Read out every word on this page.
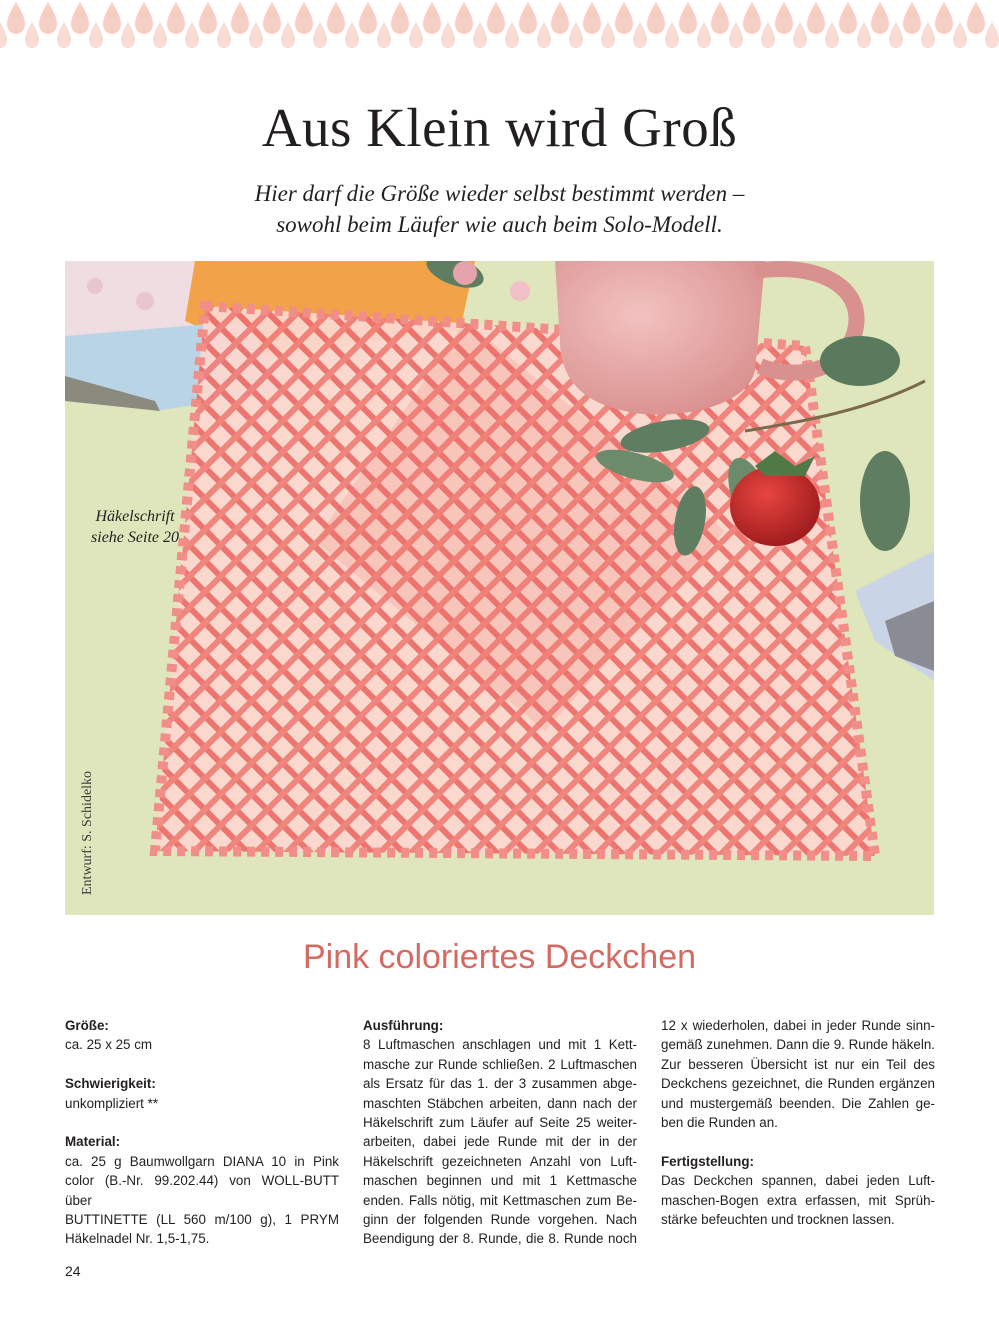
Aus Klein wird Groß
Hier darf die Größe wieder selbst bestimmt werden –
sowohl beim Läufer wie auch beim Solo-Modell.
Häkelschrift
siehe Seite 20
Entwurf: S. Schidelko
Pink coloriertes Deckchen
Größe:

ca. 25 x 25 cm

Schwierigkeit:

unkompliziert **

Material:
ca. 25 g Baumwollgarn DIANA 10 in Pink
color (B.-Nr. 99.202.44) von WOLL-BUTT über
BUTTINETTE (LL 560 m/100 g), 1 PRYM
Häkelnadel Nr. 1,5-1,75.
Ausführung:
8 Luftmaschen anschlagen und mit 1 Kett-
masche zur Runde schließen. 2 Luftmaschen
als Ersatz für das 1. der 3 zusammen abge-
maschten Stäbchen arbeiten, dann nach der
Häkelschrift zum Läufer auf Seite 25 weiter-
arbeiten, dabei jede Runde mit der in der
Häkelschrift gezeichneten Anzahl von Luft-
maschen beginnen und mit 1 Kettmasche
enden. Falls nötig, mit Kettmaschen zum Be-
ginn der folgenden Runde vorgehen. Nach
Beendigung der 8. Runde, die 8. Runde noch
12 x wiederholen, dabei in jeder Runde sinn-
gemäß zunehmen. Dann die 9. Runde häkeln.
Zur besseren Übersicht ist nur ein Teil des
Deckchens gezeichnet, die Runden ergänzen
und mustergemäß beenden. Die Zahlen ge-
ben die Runden an.

Fertigstellung:
Das Deckchen spannen, dabei jeden Luft-
maschen-Bogen extra erfassen, mit Sprüh-
stärke befeuchten und trocknen lassen.
24
